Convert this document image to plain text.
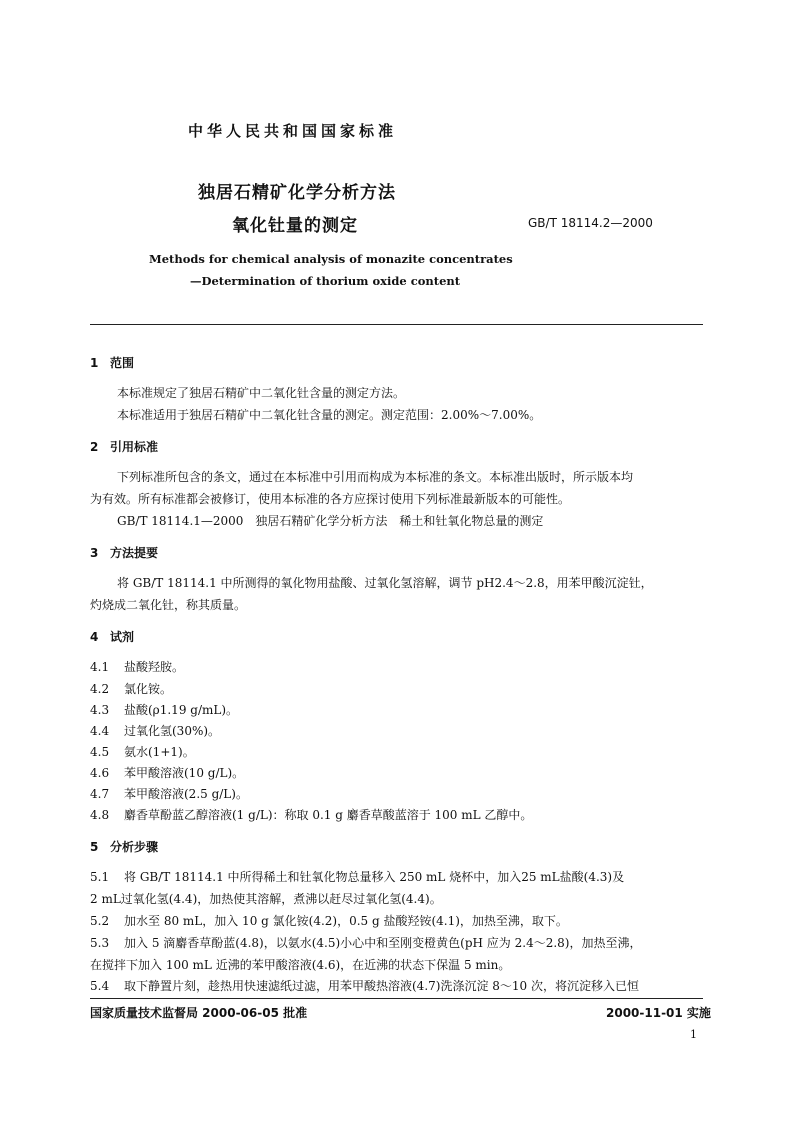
中华人民共和国国家标准
独居石精矿化学分析方法
氧化钍量的测定	GB/T 18114.2—2000
Methods for chemical analysis of monazite concentrates
—Determination of thorium oxide content
1 范围
本标准规定了独居石精矿中二氧化钍含量的测定方法。
本标准适用于独居石精矿中二氧化钍含量的测定。测定范围：2.00%～7.00%。
2 引用标准
下列标准所包含的条文，通过在本标准中引用而构成为本标准的条文。本标准出版时，所示版本均
为有效。所有标准都会被修订，使用本标准的各方应探讨使用下列标准最新版本的可能性。
GB/T 18114.1—2000　独居石精矿化学分析方法　稀土和钍氧化物总量的测定
3 方法提要
将 GB/T 18114.1 中所测得的氧化物用盐酸、过氧化氢溶解，调节 pH2.4～2.8，用苯甲酸沉淀钍，
灼烧成二氧化钍，称其质量。
4 试剂
4.1 盐酸羟胺。
4.2 氯化铵。
4.3 盐酸(ρ1.19 g/mL)。
4.4 过氧化氢(30%)。
4.5 氨水(1+1)。
4.6 苯甲酸溶液(10 g/L)。
4.7 苯甲酸溶液(2.5 g/L)。
4.8 麝香草酚蓝乙醇溶液(1 g/L)：称取 0.1 g 麝香草酸蓝溶于 100 mL 乙醇中。
5 分析步骤
5.1 将 GB/T 18114.1 中所得稀土和钍氧化物总量移入 250 mL 烧杯中，加入25 mL盐酸(4.3)及
2 mL过氧化氢(4.4)，加热使其溶解，煮沸以赶尽过氧化氢(4.4)。
5.2 加水至 80 mL，加入 10 g 氯化铵(4.2)，0.5 g 盐酸羟铵(4.1)，加热至沸，取下。
5.3 加入 5 滴麝香草酚蓝(4.8)，以氨水(4.5)小心中和至刚变橙黄色(pH 应为 2.4～2.8)，加热至沸，
在搅拌下加入 100 mL 近沸的苯甲酸溶液(4.6)，在近沸的状态下保温 5 min。
5.4 取下静置片刻，趁热用快速滤纸过滤，用苯甲酸热溶液(4.7)洗涤沉淀 8～10 次，将沉淀移入已恒
国家质量技术监督局 2000-06-05 批准	2000-11-01 实施
1
